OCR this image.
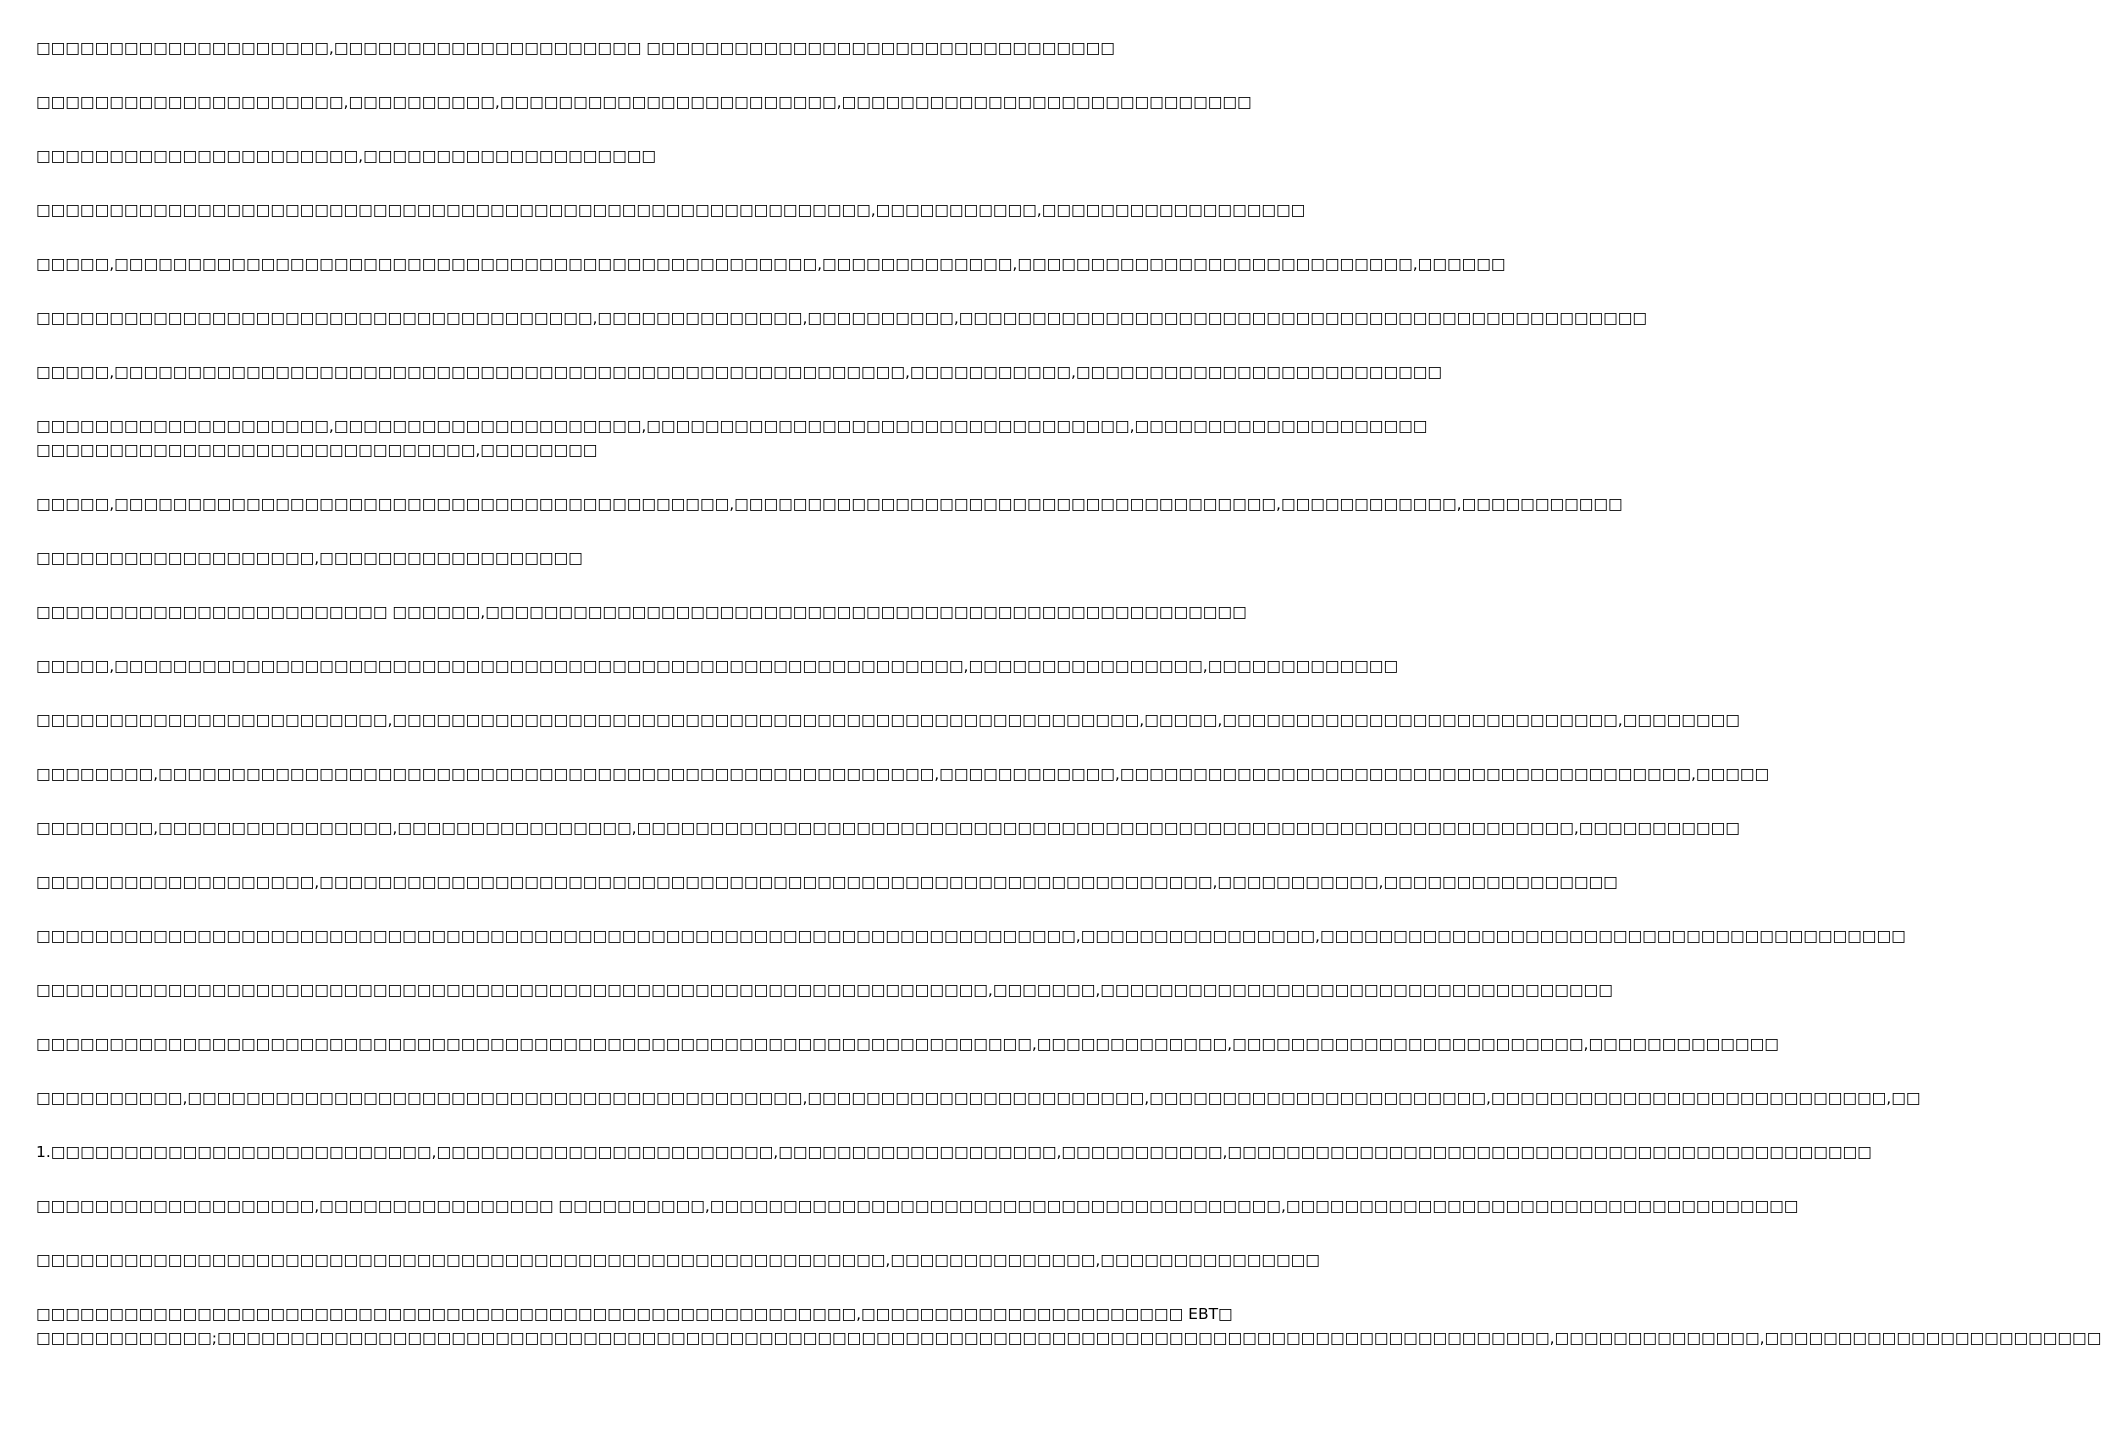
□□□□□□□□□□□□□□□□□□□□,□□□□□□□□□□□□□□□□□□□□□ □□□□□□□□□□□□□□□□□□□□□□□□□□□□□□□□

□□□□□□□□□□□□□□□□□□□□□,□□□□□□□□□□,□□□□□□□□□□□□□□□□□□□□□□□,□□□□□□□□□□□□□□□□□□□□□□□□□□□□

□□□□□□□□□□□□□□□□□□□□□□,□□□□□□□□□□□□□□□□□□□□

□□□□□□□□□□□□□□□□□□□□□□□□□□□□□□□□□□□□□□□□□□□□□□□□□□□□□□□□□,□□□□□□□□□□□,□□□□□□□□□□□□□□□□□□

□□□□□,□□□□□□□□□□□□□□□□□□□□□□□□□□□□□□□□□□□□□□□□□□□□□□□□,□□□□□□□□□□□□□,□□□□□□□□□□□□□□□□□□□□□□□□□□□,□□□□□□

□□□□□□□□□□□□□□□□□□□□□□□□□□□□□□□□□□□□□□,□□□□□□□□□□□□□□,□□□□□□□□□□,□□□□□□□□□□□□□□□□□□□□□□□□□□□□□□□□□□□□□□□□□□□□□□□

□□□□□,□□□□□□□□□□□□□□□□□□□□□□□□□□□□□□□□□□□□□□□□□□□□□□□□□□□□□□,□□□□□□□□□□□,□□□□□□□□□□□□□□□□□□□□□□□□□

□□□□□□□□□□□□□□□□□□□□,□□□□□□□□□□□□□□□□□□□□□,□□□□□□□□□□□□□□□□□□□□□□□□□□□□□□□□□,□□□□□□□□□□□□□□□□□□□□
□□□□□□□□□□□□□□□□□□□□□□□□□□□□□□,□□□□□□□□

□□□□□,□□□□□□□□□□□□□□□□□□□□□□□□□□□□□□□□□□□□□□□□□□,□□□□□□□□□□□□□□□□□□□□□□□□□□□□□□□□□□□□□,□□□□□□□□□□□□,□□□□□□□□□□□

□□□□□□□□□□□□□□□□□□□,□□□□□□□□□□□□□□□□□□

□□□□□□□□□□□□□□□□□□□□□□□□ □□□□□□,□□□□□□□□□□□□□□□□□□□□□□□□□□□□□□□□□□□□□□□□□□□□□□□□□□□□

□□□□□,□□□□□□□□□□□□□□□□□□□□□□□□□□□□□□□□□□□□□□□□□□□□□□□□□□□□□□□□□□,□□□□□□□□□□□□□□□□,□□□□□□□□□□□□□

□□□□□□□□□□□□□□□□□□□□□□□□,□□□□□□□□□□□□□□□□□□□□□□□□□□□□□□□□□□□□□□□□□□□□□□□□□□□,□□□□□,□□□□□□□□□□□□□□□□□□□□□□□□□□□,□□□□□□□□

□□□□□□□□,□□□□□□□□□□□□□□□□□□□□□□□□□□□□□□□□□□□□□□□□□□□□□□□□□□□□□,□□□□□□□□□□□□,□□□□□□□□□□□□□□□□□□□□□□□□□□□□□□□□□□□□□□□,□□□□□

□□□□□□□□,□□□□□□□□□□□□□□□□,□□□□□□□□□□□□□□□□,□□□□□□□□□□□□□□□□□□□□□□□□□□□□□□□□□□□□□□□□□□□□□□□□□□□□□□□□□□□□□□□□,□□□□□□□□□□□

□□□□□□□□□□□□□□□□□□□,□□□□□□□□□□□□□□□□□□□□□□□□□□□□□□□□□□□□□□□□□□□□□□□□□□□□□□□□□□□□□,□□□□□□□□□□□,□□□□□□□□□□□□□□□□

□□□□□□□□□□□□□□□□□□□□□□□□□□□□□□□□□□□□□□□□□□□□□□□□□□□□□□□□□□□□□□□□□□□□□□□,□□□□□□□□□□□□□□□□,□□□□□□□□□□□□□□□□□□□□□□□□□□□□□□□□□□□□□□□□

□□□□□□□□□□□□□□□□□□□□□□□□□□□□□□□□□□□□□□□□□□□□□□□□□□□□□□□□□□□□□□□□□,□□□□□□□,□□□□□□□□□□□□□□□□□□□□□□□□□□□□□□□□□□□

□□□□□□□□□□□□□□□□□□□□□□□□□□□□□□□□□□□□□□□□□□□□□□□□□□□□□□□□□□□□□□□□□□□□,□□□□□□□□□□□□□,□□□□□□□□□□□□□□□□□□□□□□□□,□□□□□□□□□□□□□

□□□□□□□□□□,□□□□□□□□□□□□□□□□□□□□□□□□□□□□□□□□□□□□□□□□□□,□□□□□□□□□□□□□□□□□□□□□□□,□□□□□□□□□□□□□□□□□□□□□□□,□□□□□□□□□□□□□□□□□□□□□□□□□□□,□□

1.□□□□□□□□□□□□□□□□□□□□□□□□□□,□□□□□□□□□□□□□□□□□□□□□□□,□□□□□□□□□□□□□□□□□□□,□□□□□□□□□□□,□□□□□□□□□□□□□□□□□□□□□□□□□□□□□□□□□□□□□□□□□□□□

□□□□□□□□□□□□□□□□□□□,□□□□□□□□□□□□□□□□ □□□□□□□□□□,□□□□□□□□□□□□□□□□□□□□□□□□□□□□□□□□□□□□□□□,□□□□□□□□□□□□□□□□□□□□□□□□□□□□□□□□□□□

□□□□□□□□□□□□□□□□□□□□□□□□□□□□□□□□□□□□□□□□□□□□□□□□□□□□□□□□□□,□□□□□□□□□□□□□□,□□□□□□□□□□□□□□□

□□□□□□□□□□□□□□□□□□□□□□□□□□□□□□□□□□□□□□□□□□□□□□□□□□□□□□□□,□□□□□□□□□□□□□□□□□□□□□□ EBT□
□□□□□□□□□□□□;□□□□□□□□□□□□□□□□□□□□□□□□□□□□□□□□□□□□□□□□□□□□□□□□□□□□□□□□□□□□□□□□□□□□□□□□□□□□□□□□□□□□□□□□□□□,□□□□□□□□□□□□□□,□□□□□□□□□□□□□□□□□□□□□□□
